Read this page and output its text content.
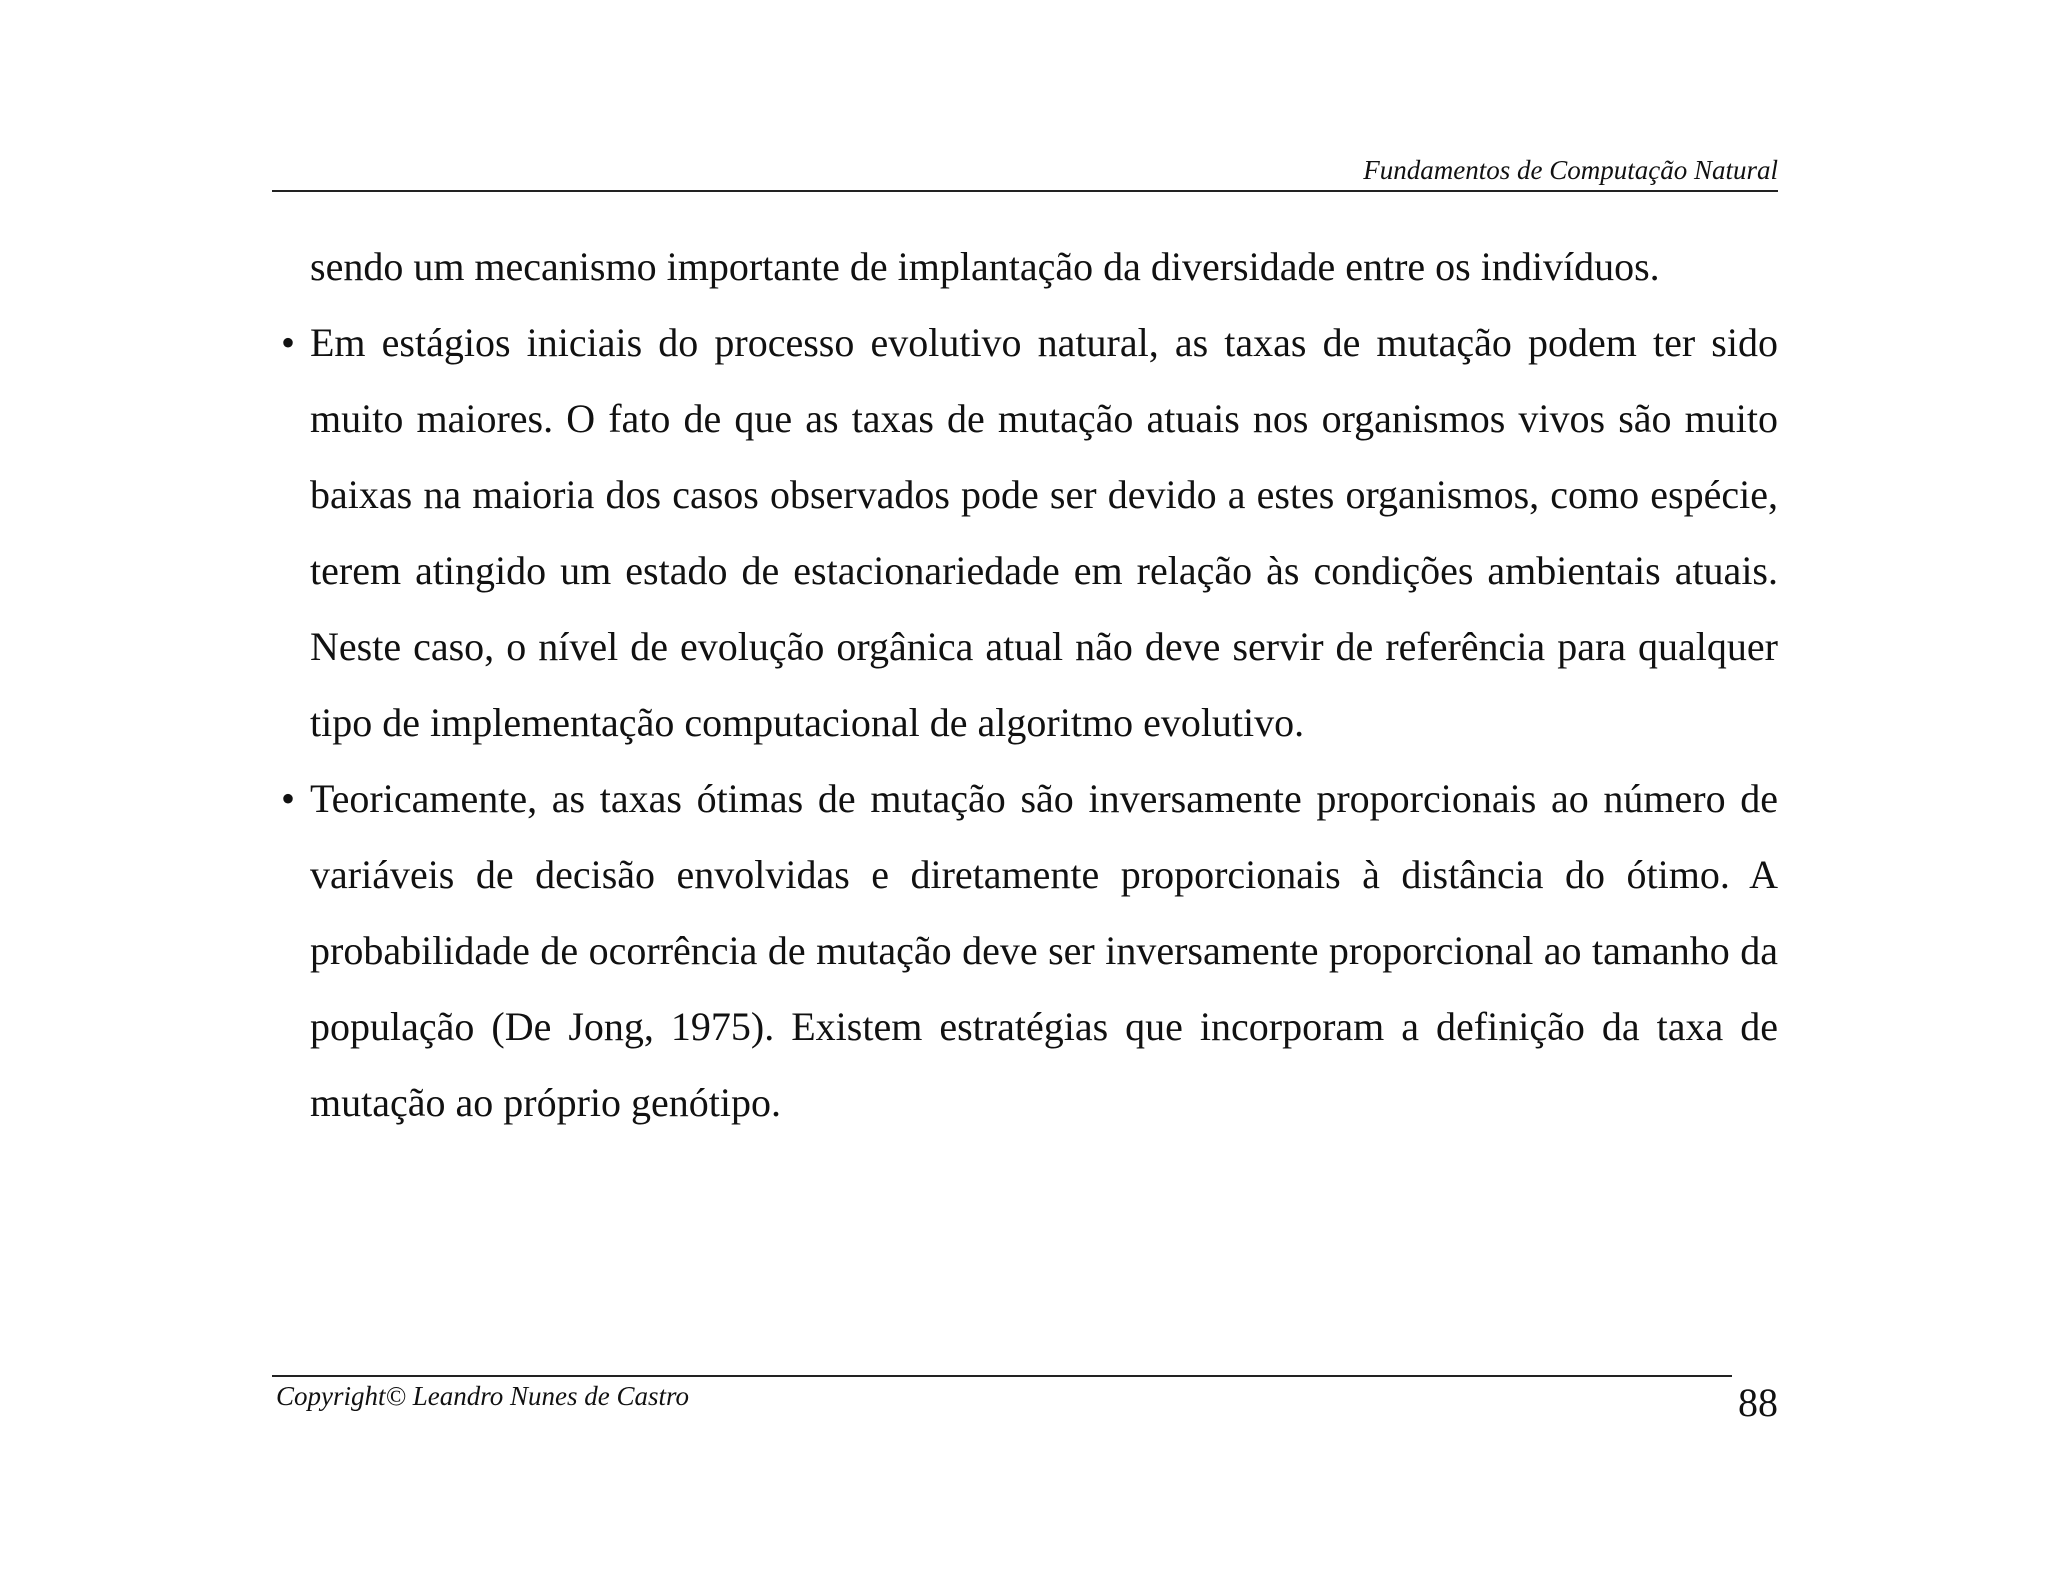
Fundamentos de Computação Natural

sendo um mecanismo importante de implantação da diversidade entre os indivíduos.

• Em estágios iniciais do processo evolutivo natural, as taxas de mutação podem ter sido muito maiores. O fato de que as taxas de mutação atuais nos organismos vivos são muito baixas na maioria dos casos observados pode ser devido a estes organismos, como espécie, terem atingido um estado de estacionariedade em relação às condições ambientais atuais. Neste caso, o nível de evolução orgânica atual não deve servir de referência para qualquer tipo de implementação computacional de algoritmo evolutivo.

• Teoricamente, as taxas ótimas de mutação são inversamente proporcionais ao número de variáveis de decisão envolvidas e diretamente proporcionais à distância do ótimo. A probabilidade de ocorrência de mutação deve ser inversamente proporcional ao tamanho da população (De Jong, 1975). Existem estratégias que incorporam a definição da taxa de mutação ao próprio genótipo.

Copyright© Leandro Nunes de Castro	88
